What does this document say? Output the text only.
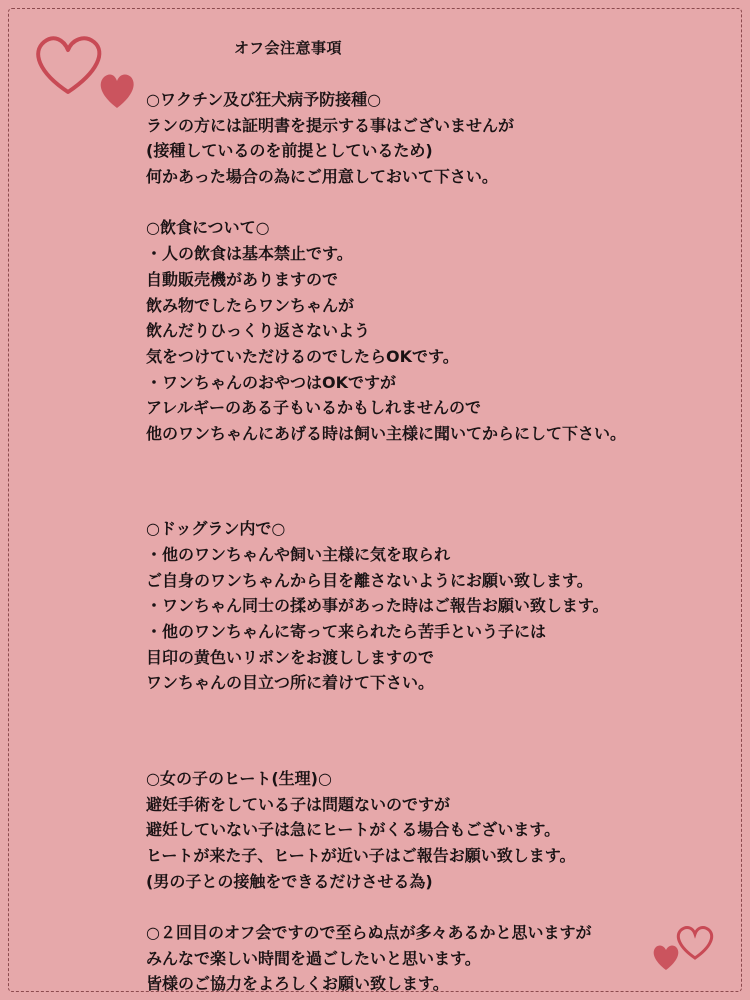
オフ会注意事項
○ワクチン及び狂犬病予防接種○
ランの方には証明書を提示する事はございませんが
(接種しているのを前提としているため)
何かあった場合の為にご用意しておいて下さい。
○飲食について○
・人の飲食は基本禁止です。
自動販売機がありますので
飲み物でしたらワンちゃんが
飲んだりひっくり返さないよう
気をつけていただけるのでしたらOKです。
・ワンちゃんのおやつはOKですが
アレルギーのある子もいるかもしれませんので
他のワンちゃんにあげる時は飼い主様に聞いてからにして下さい。
○ドッグラン内で○
・他のワンちゃんや飼い主様に気を取られ
ご自身のワンちゃんから目を離さないようにお願い致します。
・ワンちゃん同士の揉め事があった時はご報告お願い致します。
・他のワンちゃんに寄って来られたら苦手という子には
目印の黄色いリボンをお渡ししますので
ワンちゃんの目立つ所に着けて下さい。
○女の子のヒート(生理)○
避妊手術をしている子は問題ないのですが
避妊していない子は急にヒートがくる場合もございます。
ヒートが来た子、ヒートが近い子はご報告お願い致します。
(男の子との接触をできるだけさせる為)
○２回目のオフ会ですので至らぬ点が多々あるかと思いますが
みんなで楽しい時間を過ごしたいと思います。
皆様のご協力をよろしくお願い致します。
